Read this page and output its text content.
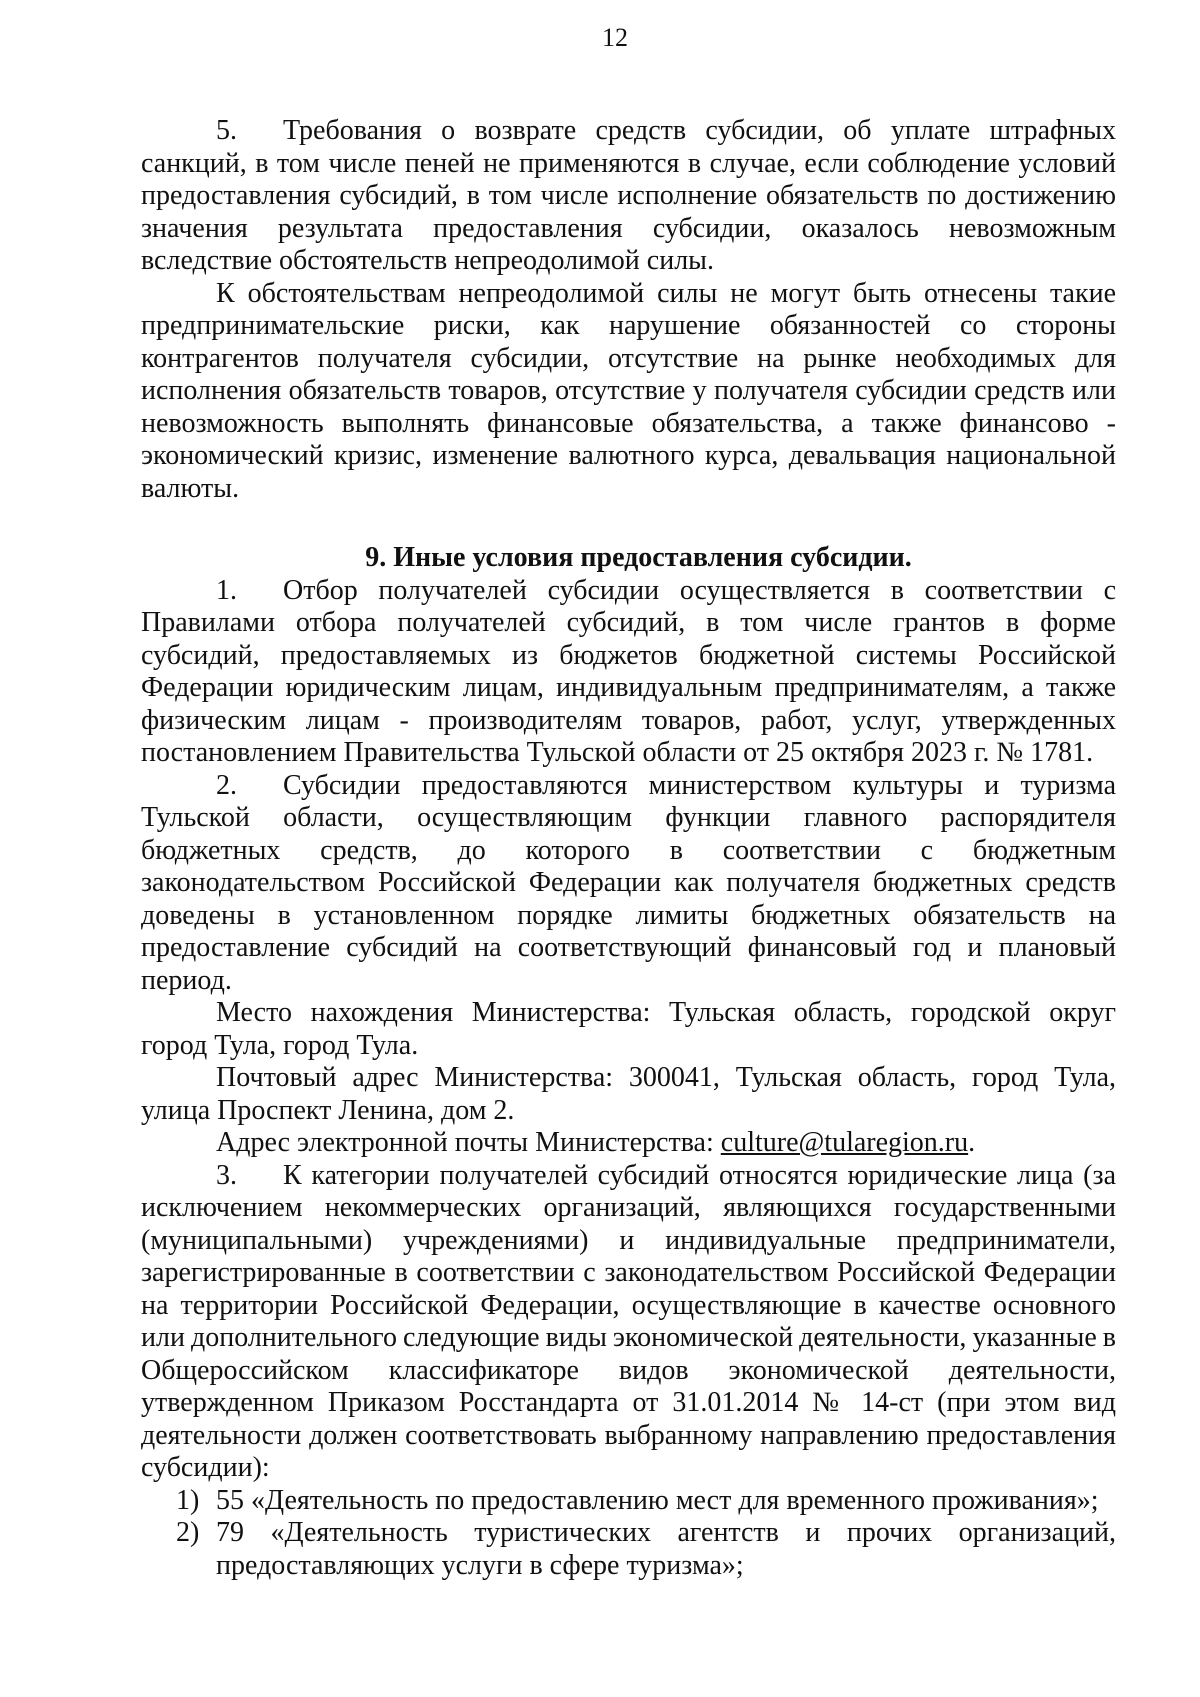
12

5. Требования о возврате средств субсидии, об уплате штрафных санкций, в том числе пеней не применяются в случае, если соблюдение условий предоставления субсидий, в том числе исполнение обязательств по достижению значения результата предоставления субсидии, оказалось невозможным вследствие обстоятельств непреодолимой силы.

К обстоятельствам непреодолимой силы не могут быть отнесены такие предпринимательские риски, как нарушение обязанностей со стороны контрагентов получателя субсидии, отсутствие на рынке необходимых для исполнения обязательств товаров, отсутствие у получателя субсидии средств или невозможность выполнять финансовые обязательства, а также финансово - экономический кризис, изменение валютного курса, девальвация национальной валюты.

9. Иные условия предоставления субсидии.

1. Отбор получателей субсидии осуществляется в соответствии с Правилами отбора получателей субсидий, в том числе грантов в форме субсидий, предоставляемых из бюджетов бюджетной системы Российской Федерации юридическим лицам, индивидуальным предпринимателям, а также физическим лицам - производителям товаров, работ, услуг, утвержденных постановлением Правительства Тульской области от 25 октября 2023 г. № 1781.

2. Субсидии предоставляются министерством культуры и туризма Тульской области, осуществляющим функции главного распорядителя бюджетных средств, до которого в соответствии с бюджетным законодательством Российской Федерации как получателя бюджетных средств доведены в установленном порядке лимиты бюджетных обязательств на предоставление субсидий на соответствующий финансовый год и плановый период.

Место нахождения Министерства: Тульская область, городской округ город Тула, город Тула.

Почтовый адрес Министерства: 300041, Тульская область, город Тула, улица Проспект Ленина, дом 2.

Адрес электронной почты Министерства: culture@tularegion.ru.

3. К категории получателей субсидий относятся юридические лица (за исключением некоммерческих организаций, являющихся государственными (муниципальными) учреждениями) и индивидуальные предприниматели, зарегистрированные в соответствии с законодательством Российской Федерации на территории Российской Федерации, осуществляющие в качестве основного или дополнительного следующие виды экономической деятельности, указанные в Общероссийском классификаторе видов экономической деятельности, утвержденном Приказом Росстандарта от 31.01.2014 № 14-ст (при этом вид деятельности должен соответствовать выбранному направлению предоставления субсидии):

1) 55 «Деятельность по предоставлению мест для временного проживания»;
2) 79 «Деятельность туристических агентств и прочих организаций, предоставляющих услуги в сфере туризма»;
